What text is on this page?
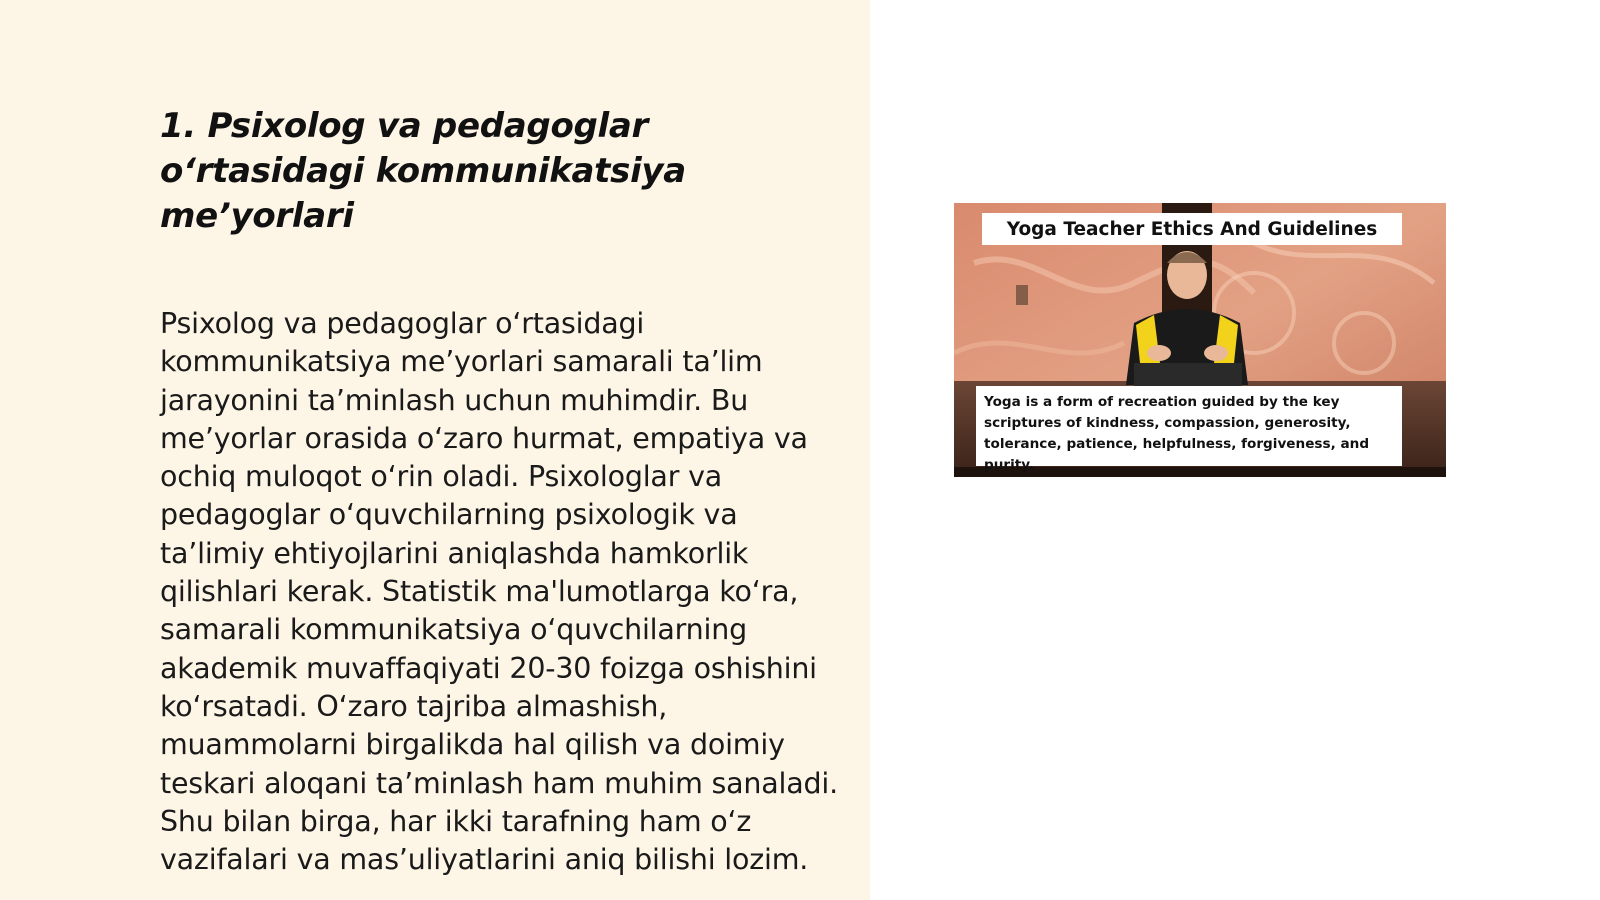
1. Psixolog va pedagoglar o‘rtasidagi kommunikatsiya me’yorlari

Psixolog va pedagoglar o‘rtasidagi kommunikatsiya me’yorlari samarali ta’lim jarayonini ta’minlash uchun muhimdir. Bu me’yorlar orasida o‘zaro hurmat, empatiya va ochiq muloqot o‘rin oladi. Psixologlar va pedagoglar o‘quvchilarning psixologik va ta’limiy ehtiyojlarini aniqlashda hamkorlik qilishlari kerak. Statistik ma'lumotlarga ko‘ra, samarali kommunikatsiya o‘quvchilarning akademik muvaffaqiyati 20-30 foizga oshishini ko‘rsatadi. O‘zaro tajriba almashish, muammolarni birgalikda hal qilish va doimiy teskari aloqani ta’minlash ham muhim sanaladi. Shu bilan birga, har ikki tarafning ham o‘z vazifalari va mas’uliyatlarini aniq bilishi lozim.

Yoga Teacher Ethics And Guidelines

Yoga is a form of recreation guided by the key scriptures of kindness, compassion, generosity, tolerance, patience, helpfulness, forgiveness, and purity.
